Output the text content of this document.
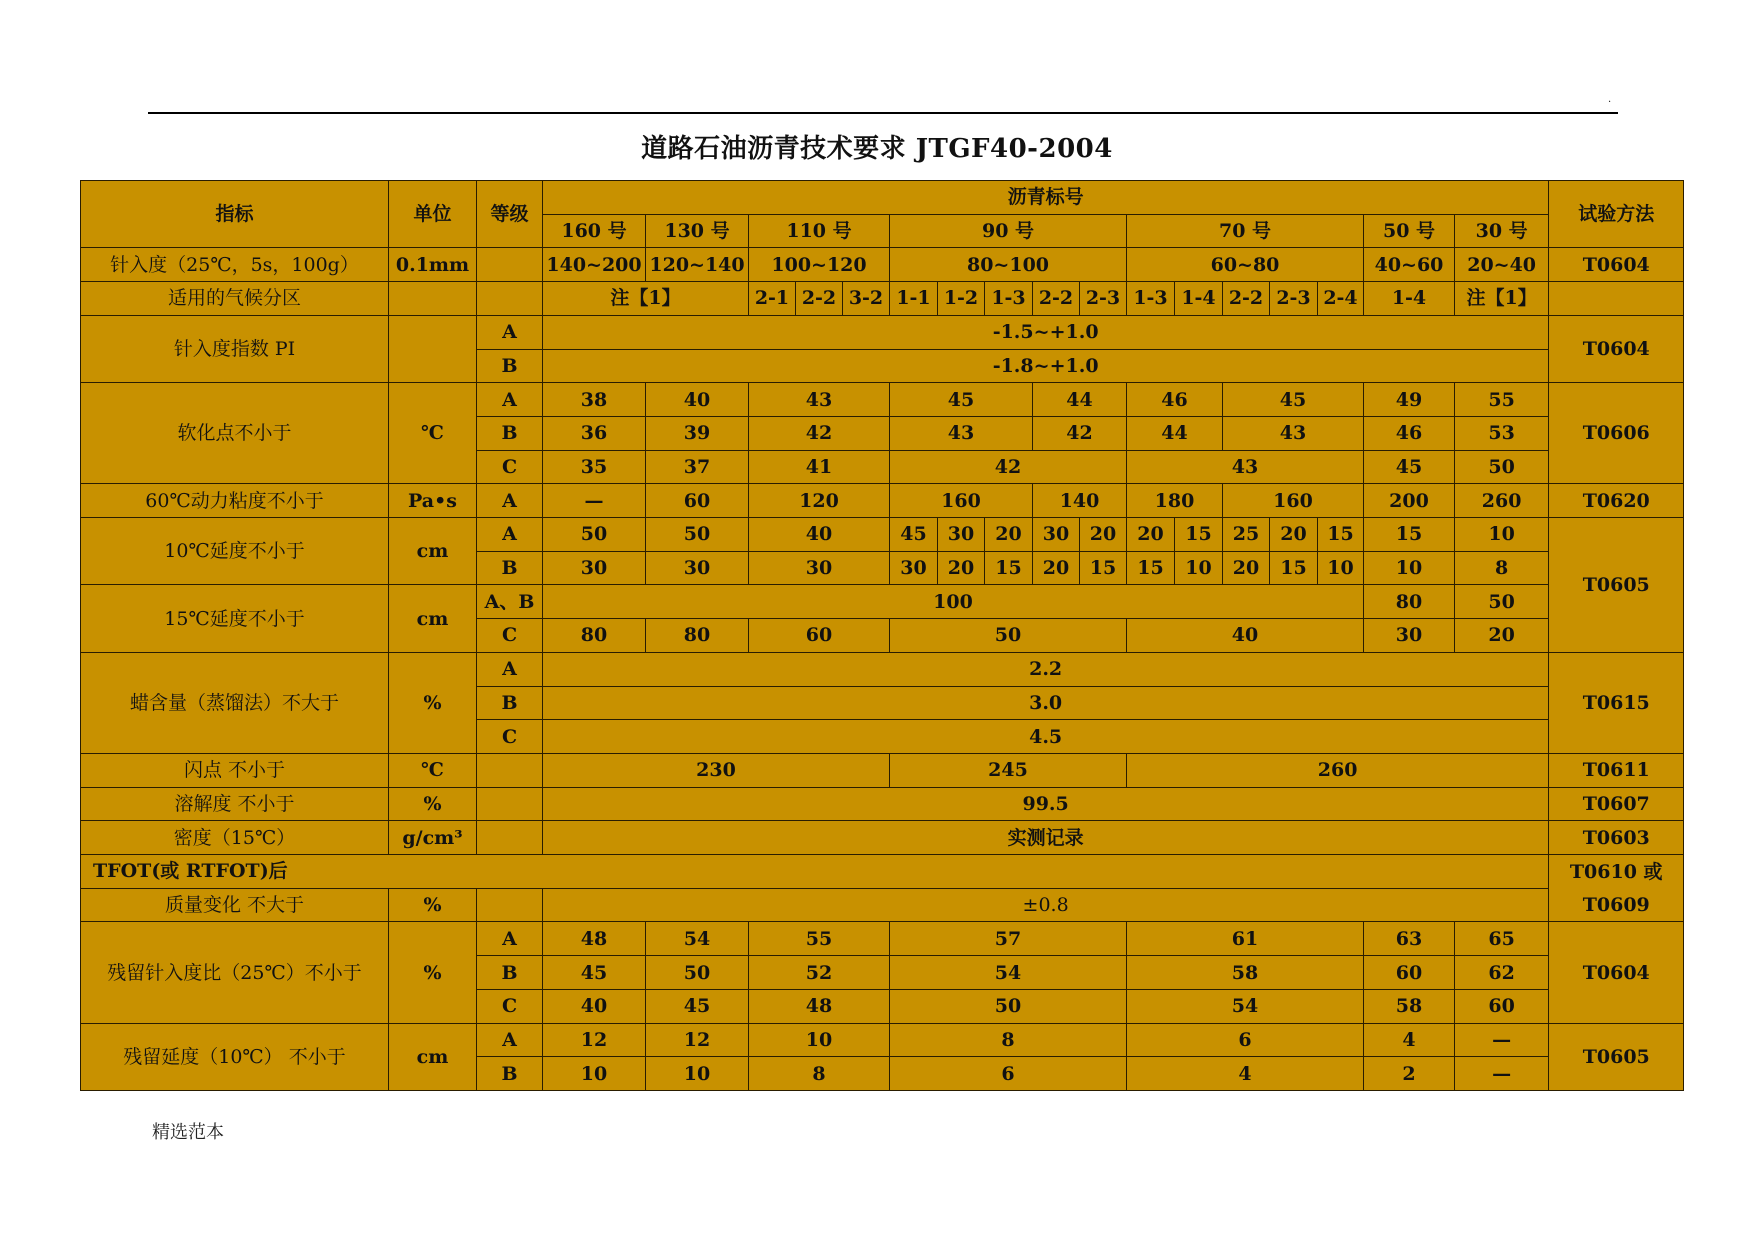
.
道路石油沥青技术要求 JTGF40-2004
指标	单位	等级	沥青标号																	试验方法
			160 号	130 号	110 号			90 号					70 号					50 号	30 号	
针入度（25℃，5s，100g）	0.1mm		140~200	120~140	100~120			80~100					60~80					40~60	20~40	T0604
适用的气候分区			注【1】		2-1	2-2	3-2	1-1	1-2	1-3	2-2	2-3	1-3	1-4	2-2	2-3	2-4	1-4	注【1】	
针入度指数 PI		A	-1.5~+1.0																	T0604
		B	-1.8~+1.0																	
软化点不小于	℃	A	38	40	43			45			44		46		45			49	55	T0606
		B	36	39	42			43			42		44		43			46	53	
		C	35	37	41			42					43					45	50	
60℃动力粘度不小于	Pa•s	A	—	60	120			160			140		180		160			200	260	T0620
10℃延度不小于	cm	A	50	50	40			45	30	20	30	20	20	15	25	20	15	15	10	T0605
		B	30	30	30			30	20	15	20	15	15	10	20	15	10	10	8	
15℃延度不小于	cm	A、B	100															80	50	
		C	80	80	60			50					40					30	20	
蜡含量（蒸馏法）不大于	%	A	2.2																	T0615
		B	3.0																	
		C	4.5																	
闪点 不小于	℃		230					245					260							T0611
溶解度 不小于	%		99.5																	T0607
密度（15℃）	g/cm³		实测记录																	T0603
TFOT(或 RTFOT)后																				T0610 或
质量变化 不大于	%		±0.8																	T0609
残留针入度比（25℃）不小于	%	A	48	54	55			57					61					63	65	T0604
		B	45	50	52			54					58					60	62	
		C	40	45	48			50					54					58	60	
残留延度（10℃） 不小于	cm	A	12	12	10			8					6					4	—	T0605
		B	10	10	8			6					4					2	—	
精选范本
